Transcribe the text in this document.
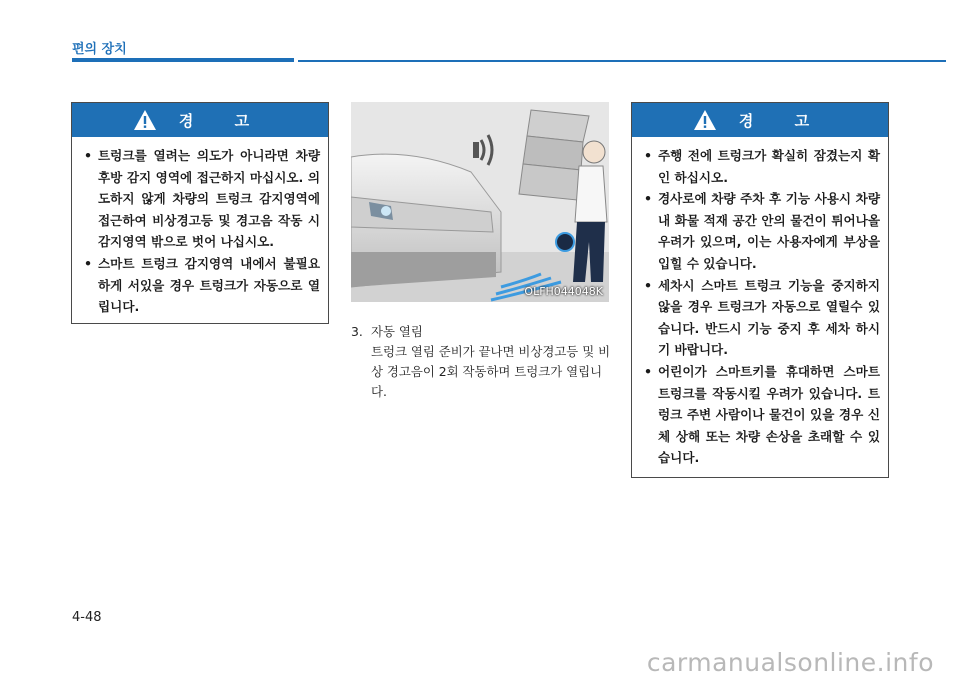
편의 장치
경 고
• 트렁크를 열려는 의도가 아니라면 차량 후방 감지 영역에 접근하지 마십시오. 의도하지 않게 차량의 트렁크 감지영역에 접근하여 비상경고등 및 경고음 작동 시 감지영역 밖으로 벗어 나십시오.
• 스마트 트렁크 감지영역 내에서 불필요하게 서있을 경우 트렁크가 자동으로 열립니다.
OLFH044048K
3. 자동 열림
트렁크 열림 준비가 끝나면 비상경고등 및 비상 경고음이 2회 작동하며 트렁크가 열립니다.
경 고
• 주행 전에 트렁크가 확실히 잠겼는지 확인 하십시오.
• 경사로에 차량 주차 후 기능 사용시 차량내 화물 적재 공간 안의 물건이 튀어나올 우려가 있으며, 이는 사용자에게 부상을 입힐 수 있습니다.
• 세차시 스마트 트렁크 기능을 중지하지 않을 경우 트렁크가 자동으로 열릴수 있습니다. 반드시 기능 중지 후 세차 하시기 바랍니다.
• 어린이가 스마트키를 휴대하면 스마트 트렁크를 작동시킬 우려가 있습니다. 트렁크 주변 사람이나 물건이 있을 경우 신체 상해 또는 차량 손상을 초래할 수 있습니다.
4-48
carmanualsonline.info
